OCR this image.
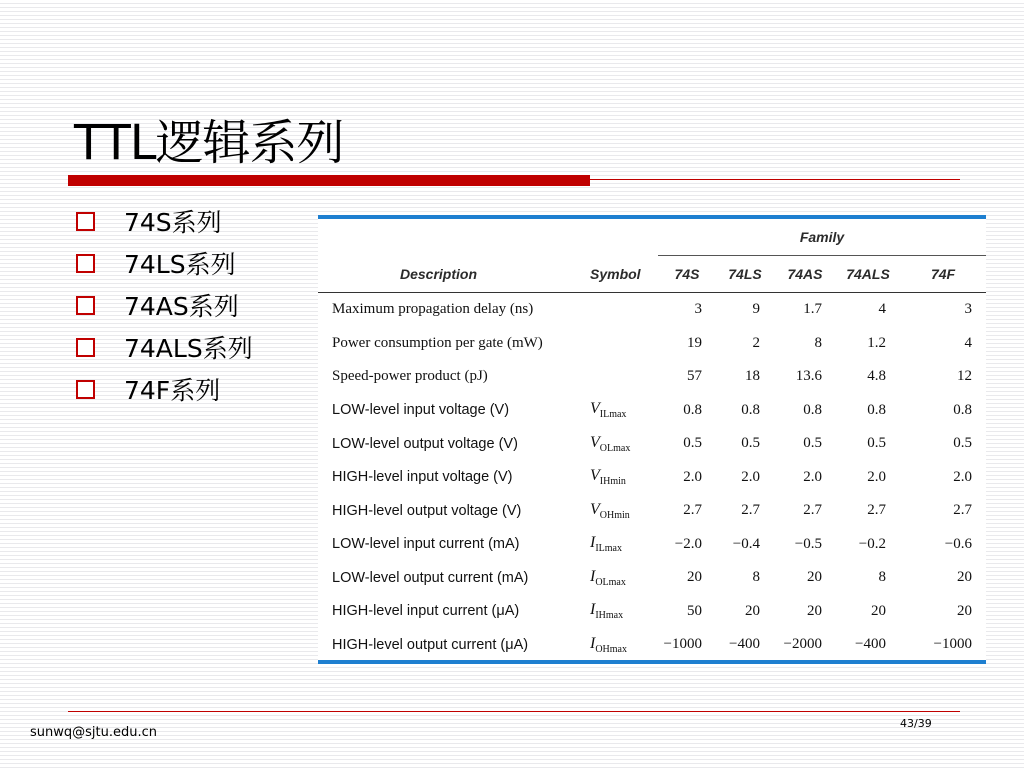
TTL逻辑系列
74S系列
74LS系列
74AS系列
74ALS系列
74F系列
		Family				
Description	Symbol	74S	74LS	74AS	74ALS	74F
Maximum propagation delay (ns)		3	9	1.7	4	3
Power consumption per gate (mW)		19	2	8	1.2	4
Speed-power product (pJ)		57	18	13.6	4.8	12
LOW-level input voltage (V)	$V_{ILmax}$	0.8	0.8	0.8	0.8	0.8
LOW-level output voltage (V)	$V_{OLmax}$	0.5	0.5	0.5	0.5	0.5
HIGH-level input voltage (V)	$V_{IHmin}$	2.0	2.0	2.0	2.0	2.0
HIGH-level output voltage (V)	$V_{OHmin}$	2.7	2.7	2.7	2.7	2.7
LOW-level input current (mA)	$I_{ILmax}$	−2.0	−0.4	−0.5	−0.2	−0.6
LOW-level output current (mA)	$I_{OLmax}$	20	8	20	8	20
HIGH-level input current (μA)	$I_{IHmax}$	50	20	20	20	20
HIGH-level output current (μA)	$I_{OHmax}$	−1000	−400	−2000	−400	−1000
sunwq@sjtu.edu.cn
43/39
